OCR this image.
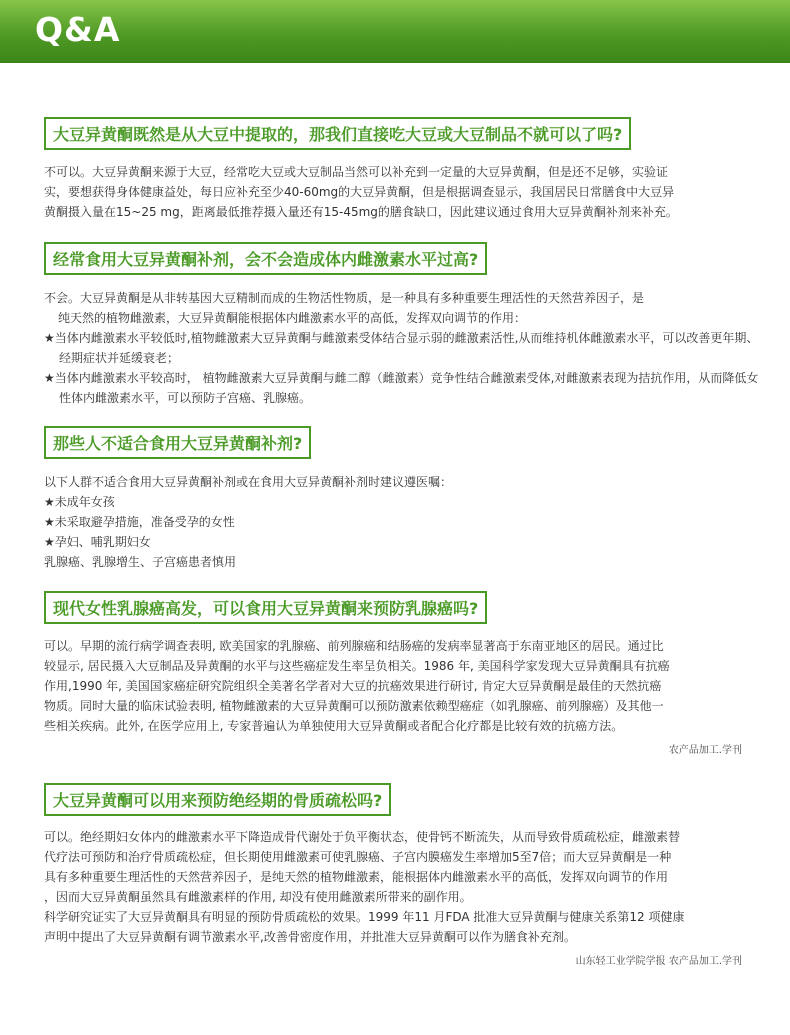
Q&A
大豆异黄酮既然是从大豆中提取的，那我们直接吃大豆或大豆制品不就可以了吗?

不可以。大豆异黄酮来源于大豆，经常吃大豆或大豆制品当然可以补充到一定量的大豆异黄酮，但是还不足够，实验证

实，要想获得身体健康益处，每日应补充至少40-60mg的大豆异黄酮，但是根据调查显示，我国居民日常膳食中大豆异

黄酮摄入量在15~25 mg，距离最低推荐摄入量还有15-45mg的膳食缺口，因此建议通过食用大豆异黄酮补剂来补充。

经常食用大豆异黄酮补剂，会不会造成体内雌激素水平过高?

不会。大豆异黄酮是从非转基因大豆精制而成的生物活性物质，是一种具有多种重要生理活性的天然营养因子，是

纯天然的植物雌激素，大豆异黄酮能根据体内雌激素水平的高低，发挥双向调节的作用：

★当体内雌激素水平较低时,植物雌激素大豆异黄酮与雌激素受体结合显示弱的雌激素活性,从而维持机体雌激素水平，可以改善更年期、经期症状并延缓衰老；

★当体内雌激素水平较高时， 植物雌激素大豆异黄酮与雌二醇（雌激素）竞争性结合雌激素受体,对雌激素表现为拮抗作用，从而降低女性体内雌激素水平，可以预防子宫癌、乳腺癌。

那些人不适合食用大豆异黄酮补剂?

以下人群不适合食用大豆异黄酮补剂或在食用大豆异黄酮补剂时建议遵医嘱：

★未成年女孩

★未采取避孕措施，准备受孕的女性

★孕妇、哺乳期妇女

乳腺癌、乳腺增生、子宫癌患者慎用

现代女性乳腺癌高发，可以食用大豆异黄酮来预防乳腺癌吗?

可以。早期的流行病学调查表明, 欧美国家的乳腺癌、前列腺癌和结肠癌的发病率显著高于东南亚地区的居民。通过比

较显示, 居民摄入大豆制品及异黄酮的水平与这些癌症发生率呈负相关。1986 年, 美国科学家发现大豆异黄酮具有抗癌

作用,1990 年, 美国国家癌症研究院组织全美著名学者对大豆的抗癌效果进行研讨, 肯定大豆异黄酮是最佳的天然抗癌

物质。同时大量的临床试验表明, 植物雌激素的大豆异黄酮可以预防激素依赖型癌症（如乳腺癌、前列腺癌）及其他一

些相关疾病。此外, 在医学应用上, 专家普遍认为单独使用大豆异黄酮或者配合化疗都是比较有效的抗癌方法。

农产品加工.学刊
大豆异黄酮可以用来预防绝经期的骨质疏松吗?

可以。绝经期妇女体内的雌激素水平下降造成骨代谢处于负平衡状态，使骨钙不断流失，从而导致骨质疏松症，雌激素替

代疗法可预防和治疗骨质疏松症，但长期使用雌激素可使乳腺癌、子宫内膜癌发生率增加5至7倍；而大豆异黄酮是一种

具有多种重要生理活性的天然营养因子，是纯天然的植物雌激素，能根据体内雌激素水平的高低，发挥双向调节的作用

，因而大豆异黄酮虽然具有雌激素样的作用, 却没有使用雌激素所带来的副作用。

科学研究证实了大豆异黄酮具有明显的预防骨质疏松的效果。1999 年11 月FDA 批准大豆异黄酮与健康关系第12 项健康

声明中提出了大豆异黄酮有调节激素水平,改善骨密度作用，并批准大豆异黄酮可以作为膳食补充剂。

山东轻工业学院学报 农产品加工.学刊
